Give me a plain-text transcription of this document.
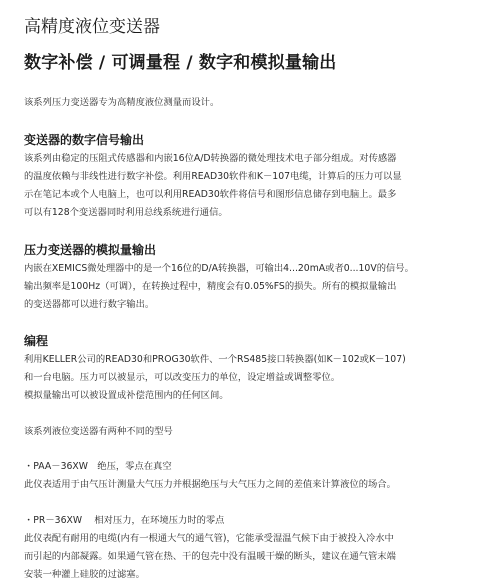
高精度液位变送器
数字补偿 / 可调量程 / 数字和模拟量输出

该系列压力变送器专为高精度液位测量而设计。

变送器的数字信号输出

该系列由稳定的压阻式传感器和内嵌16位A/D转换器的微处理技术电子部分组成。对传感器

的温度依赖与非线性进行数字补偿。利用READ30软件和K－107电缆，计算后的压力可以显

示在笔记本或个人电脑上，也可以利用READ30软件将信号和图形信息储存到电脑上。最多

可以有128个变送器同时利用总线系统进行通信。

压力变送器的模拟量输出

内嵌在XEMICS微处理器中的是一个16位的D/A转换器，可输出4...20mA或者0...10V的信号。

输出频率是100Hz（可调），在转换过程中，精度会有0.05%FS的损失。所有的模拟量输出

的变送器都可以进行数字输出。

编程

利用KELLER公司的READ30和PROG30软件、一个RS485接口转换器(如K－102或K－107)

和一台电脑。压力可以被显示，可以改变压力的单位，设定增益或调整零位。

模拟量输出可以被设置成补偿范围内的任何区间。

该系列液位变送器有两种不同的型号

・PAA－36XW　绝压，零点在真空

此仪表适用于由气压计测量大气压力并根据绝压与大气压力之间的差值来计算液位的场合。

・PR－36XW　 相对压力，在环境压力时的零点

此仪表配有耐用的电缆(内有一根通大气的通气管)，它能承受湿温气候下由于被投入冷水中

而引起的内部凝露。如果通气管在热、干的包壳中没有温暖干燥的断头，建议在通气管末端

安装一种灌上硅胶的过滤塞。
